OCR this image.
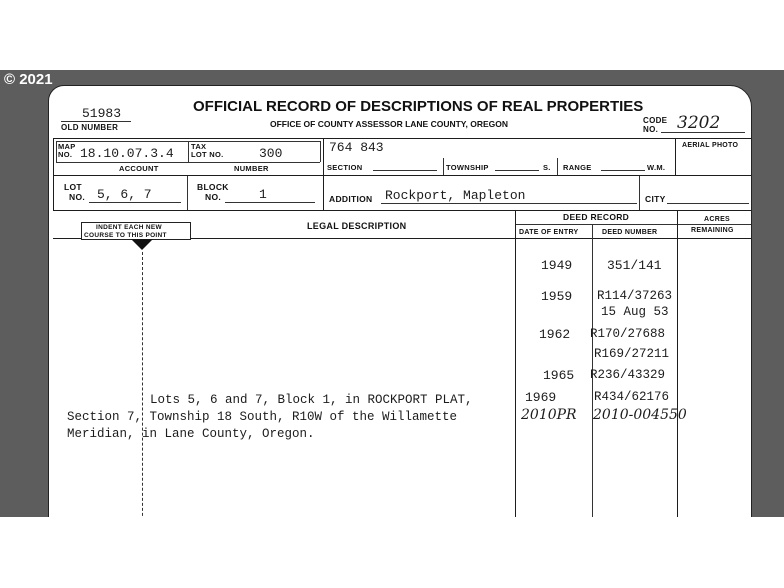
© 2021
51983
OLD NUMBER
OFFICIAL RECORD OF DESCRIPTIONS OF REAL PROPERTIES
OFFICE OF COUNTY ASSESSOR LANE COUNTY, OREGON	CODE
NO. 3202
MAP
NO. 18.10.07.3.4 TAX
LOT NO.	300
ACCOUNT	NUMBER
764 843
SECTION	TOWNSHIP	S. RANGE	W.M.
AERIAL PHOTO
LOT
NO. 5, 6, 7	BLOCK
NO.	1	ADDITION Rockport, Mapleton	CITY
INDENT EACH NEW
COURSE TO THIS POINT
LEGAL DESCRIPTION
DEED RECORD
DATE OF ENTRY	DEED NUMBER
ACRES
REMAINING
Lots 5, 6 and 7, Block 1, in ROCKPORT PLAT,
Section 7, Township 18 South, R10W of the Willamette
Meridian, in Lane County, Oregon.
1949	351/141
1959 R114/37263
15 Aug 53
1962 R170/27688
R169/27211
1965 R236/43329
1969	R434/62176
2010PR 2010-004550
